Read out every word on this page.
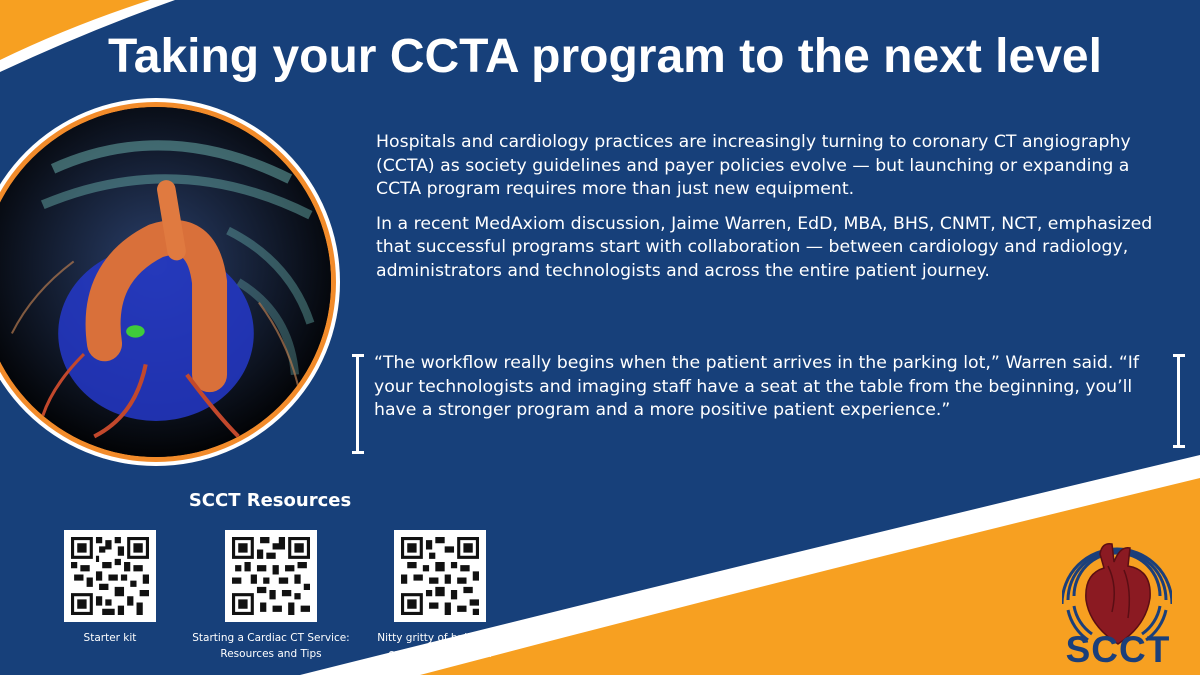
Taking your CCTA program to the next level

Hospitals and cardiology practices are increasingly turning to coronary CT angiography (CCTA) as society guidelines and payer policies evolve — but launching or expanding a CCTA program requires more than just new equipment.

In a recent MedAxiom discussion, Jaime Warren, EdD, MBA, BHS, CNMT, NCT, emphasized that successful programs start with collaboration — between cardiology and radiology, administrators and technologists and across the entire patient journey.

“The workflow really begins when the patient arrives in the parking lot,” Warren said. “If your technologists and imaging staff have a seat at the table from the beginning, you’ll have a stronger program and a more positive patient experience.”
SCCT Resources
Starter kit	Starting a Cardiac CT Service:
Resources and Tips
Nitty gritty of building a
cardiac CT program	SCCT
